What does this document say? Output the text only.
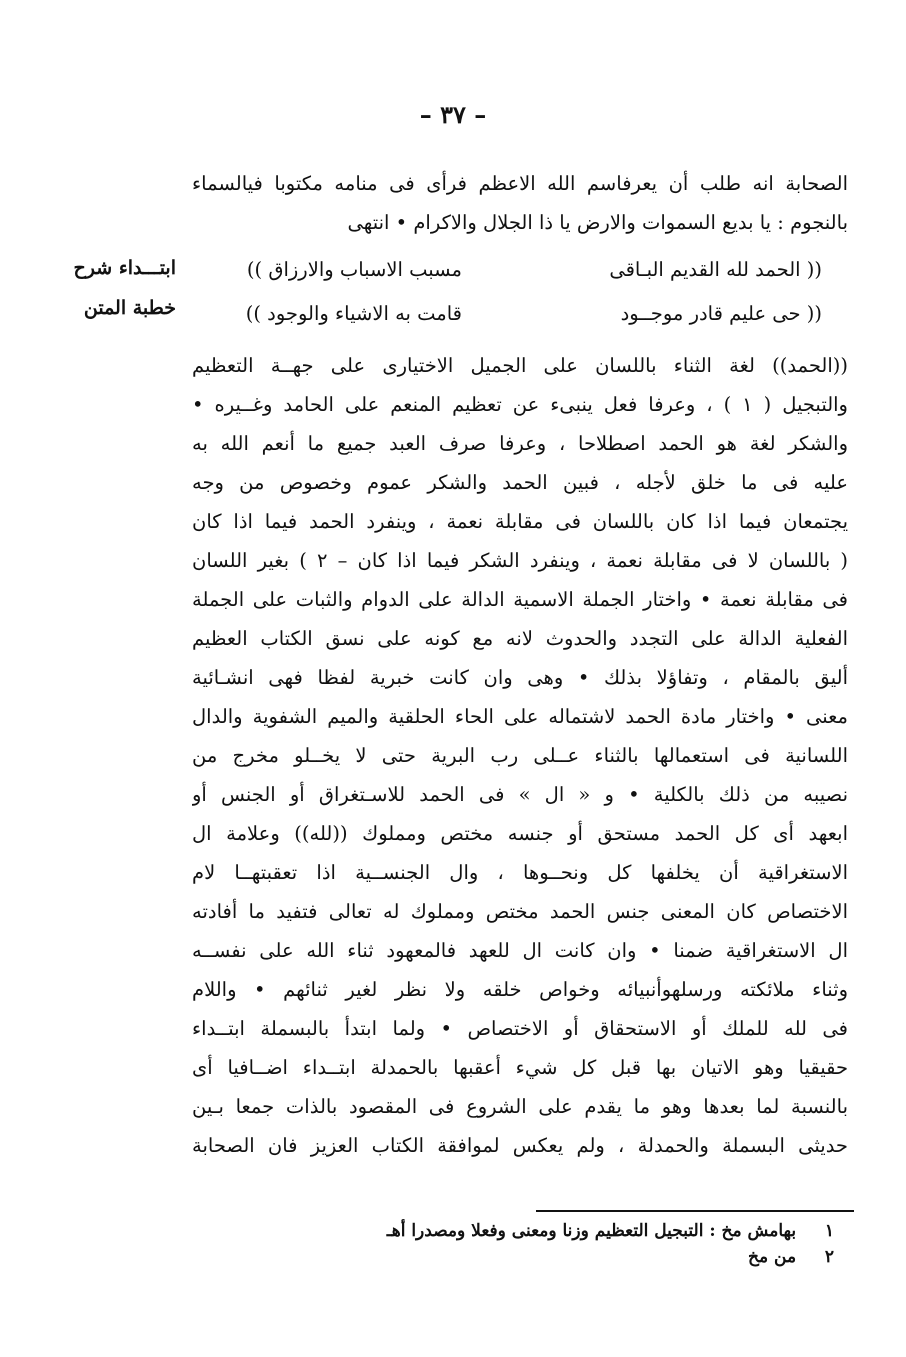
– ٣٧ –
الصحابة انه طلب أن يعرفاسم الله الاعظم فرأى فى منامه مكتوبا فيالسماء
بالنجوم : يا بديع السموات والارض يا ذا الجلال والاكرام • انتهى
(( الحمد لله القديم البـاقى
مسبب الاسباب والارزاق ))
(( حى عليم قادر موجــود
قامت به الاشياء والوجود ))
ابتـــداء شرح
خطبة المتن
((الحمد)) لغة الثناء باللسان على الجميل الاختيارى على جهــة التعظيم
والتبجيل ( ١ ) ، وعرفا فعل ينبىء عن تعظيم المنعم على الحامد وغــيره •
والشكر لغة هو الحمد اصطلاحا ، وعرفا صرف العبد جميع ما أنعم الله به
عليه فى ما خلق لأجله ، فبين الحمد والشكر عموم وخصوص من وجه
يجتمعان فيما اذا كان باللسان فى مقابلة نعمة ، وينفرد الحمد فيما اذا كان
( باللسان لا فى مقابلة نعمة ، وينفرد الشكر فيما اذا كان – ٢ ) بغير اللسان
فى مقابلة نعمة • واختار الجملة الاسمية الدالة على الدوام والثبات على الجملة
الفعلية الدالة على التجدد والحدوث لانه مع كونه على نسق الكتاب العظيم
أليق بالمقام ، وتفاؤلا بذلك • وهى وان كانت خبرية لفظا فهى انشـائية
معنى • واختار مادة الحمد لاشتماله على الحاء الحلقية والميم الشفوية والدال
اللسانية فى استعمالها بالثناء عــلى رب البرية حتى لا يخــلو مخرج من
نصيبه من ذلك بالكلية • و « ال » فى الحمد للاسـتغراق أو الجنس أو
ابعهد أى كل الحمد مستحق أو جنسه مختص ومملوك ((لله)) وعلامة ال
الاستغراقية أن يخلفها كل ونحــوها ، وال الجنســية اذا تعقبتهــا لام
الاختصاص كان المعنى جنس الحمد مختص ومملوك له تعالى فتفيد ما أفادته
ال الاستغراقية ضمنا • وان كانت ال للعهد فالمعهود ثناء الله على نفســه
وثناء ملائكته ورسلهوأنبيائه وخواص خلقه ولا نظر لغير ثنائهم • واللام
فى لله للملك أو الاستحقاق أو الاختصاص • ولما ابتدأ بالبسملة ابتــداء
حقيقيا وهو الاتيان بها قبل كل شيء أعقبها بالحمدلة ابتــداء اضــافيا أى
بالنسبة لما بعدها وهو ما يقدم على الشروع فى المقصود بالذات جمعا بـين
حديثى البسملة والحمدلة ، ولم يعكس لموافقة الكتاب العزيز فان الصحابة
١ بهامش مخ : التبجيل التعظيم وزنا ومعنى وفعلا ومصدرا أهـ
٢ من مخ
